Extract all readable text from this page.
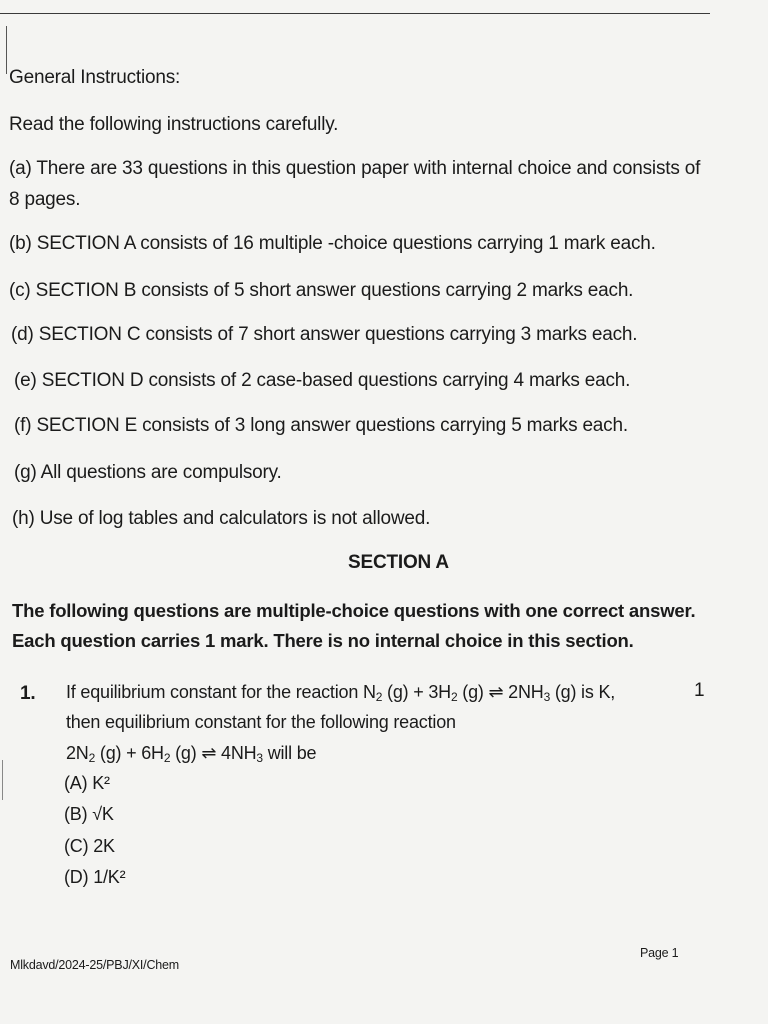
General Instructions:
Read the following instructions carefully.
(a) There are 33 questions in this question paper with internal choice and consists of
8 pages.
(b) SECTION A consists of 16 multiple -choice questions carrying 1 mark each.
(c) SECTION B consists of 5 short answer questions carrying 2 marks each.
(d) SECTION C consists of 7 short answer questions carrying 3 marks each.
(e) SECTION D consists of 2 case-based questions carrying 4 marks each.
(f) SECTION E consists of 3 long answer questions carrying 5 marks each.
(g) All questions are compulsory.
(h) Use of log tables and calculators is not allowed.
SECTION A
The following questions are multiple-choice questions with one correct answer.
Each question carries 1 mark. There is no internal choice in this section.
1. If equilibrium constant for the reaction $N_2$ $(g) + 3H_2$ (g) ⇌ $2NH_3$ (g) is K,	1
then equilibrium constant for the following reaction
$2N_2$ $(g) + 6H_2$ (g) ⇌ $4NH_3$ will be
(A) K²
(B) √K
(C) 2K
(D) 1/K²
Mlkdavd/2024-25/PBJ/XI/Chem
Page 1
